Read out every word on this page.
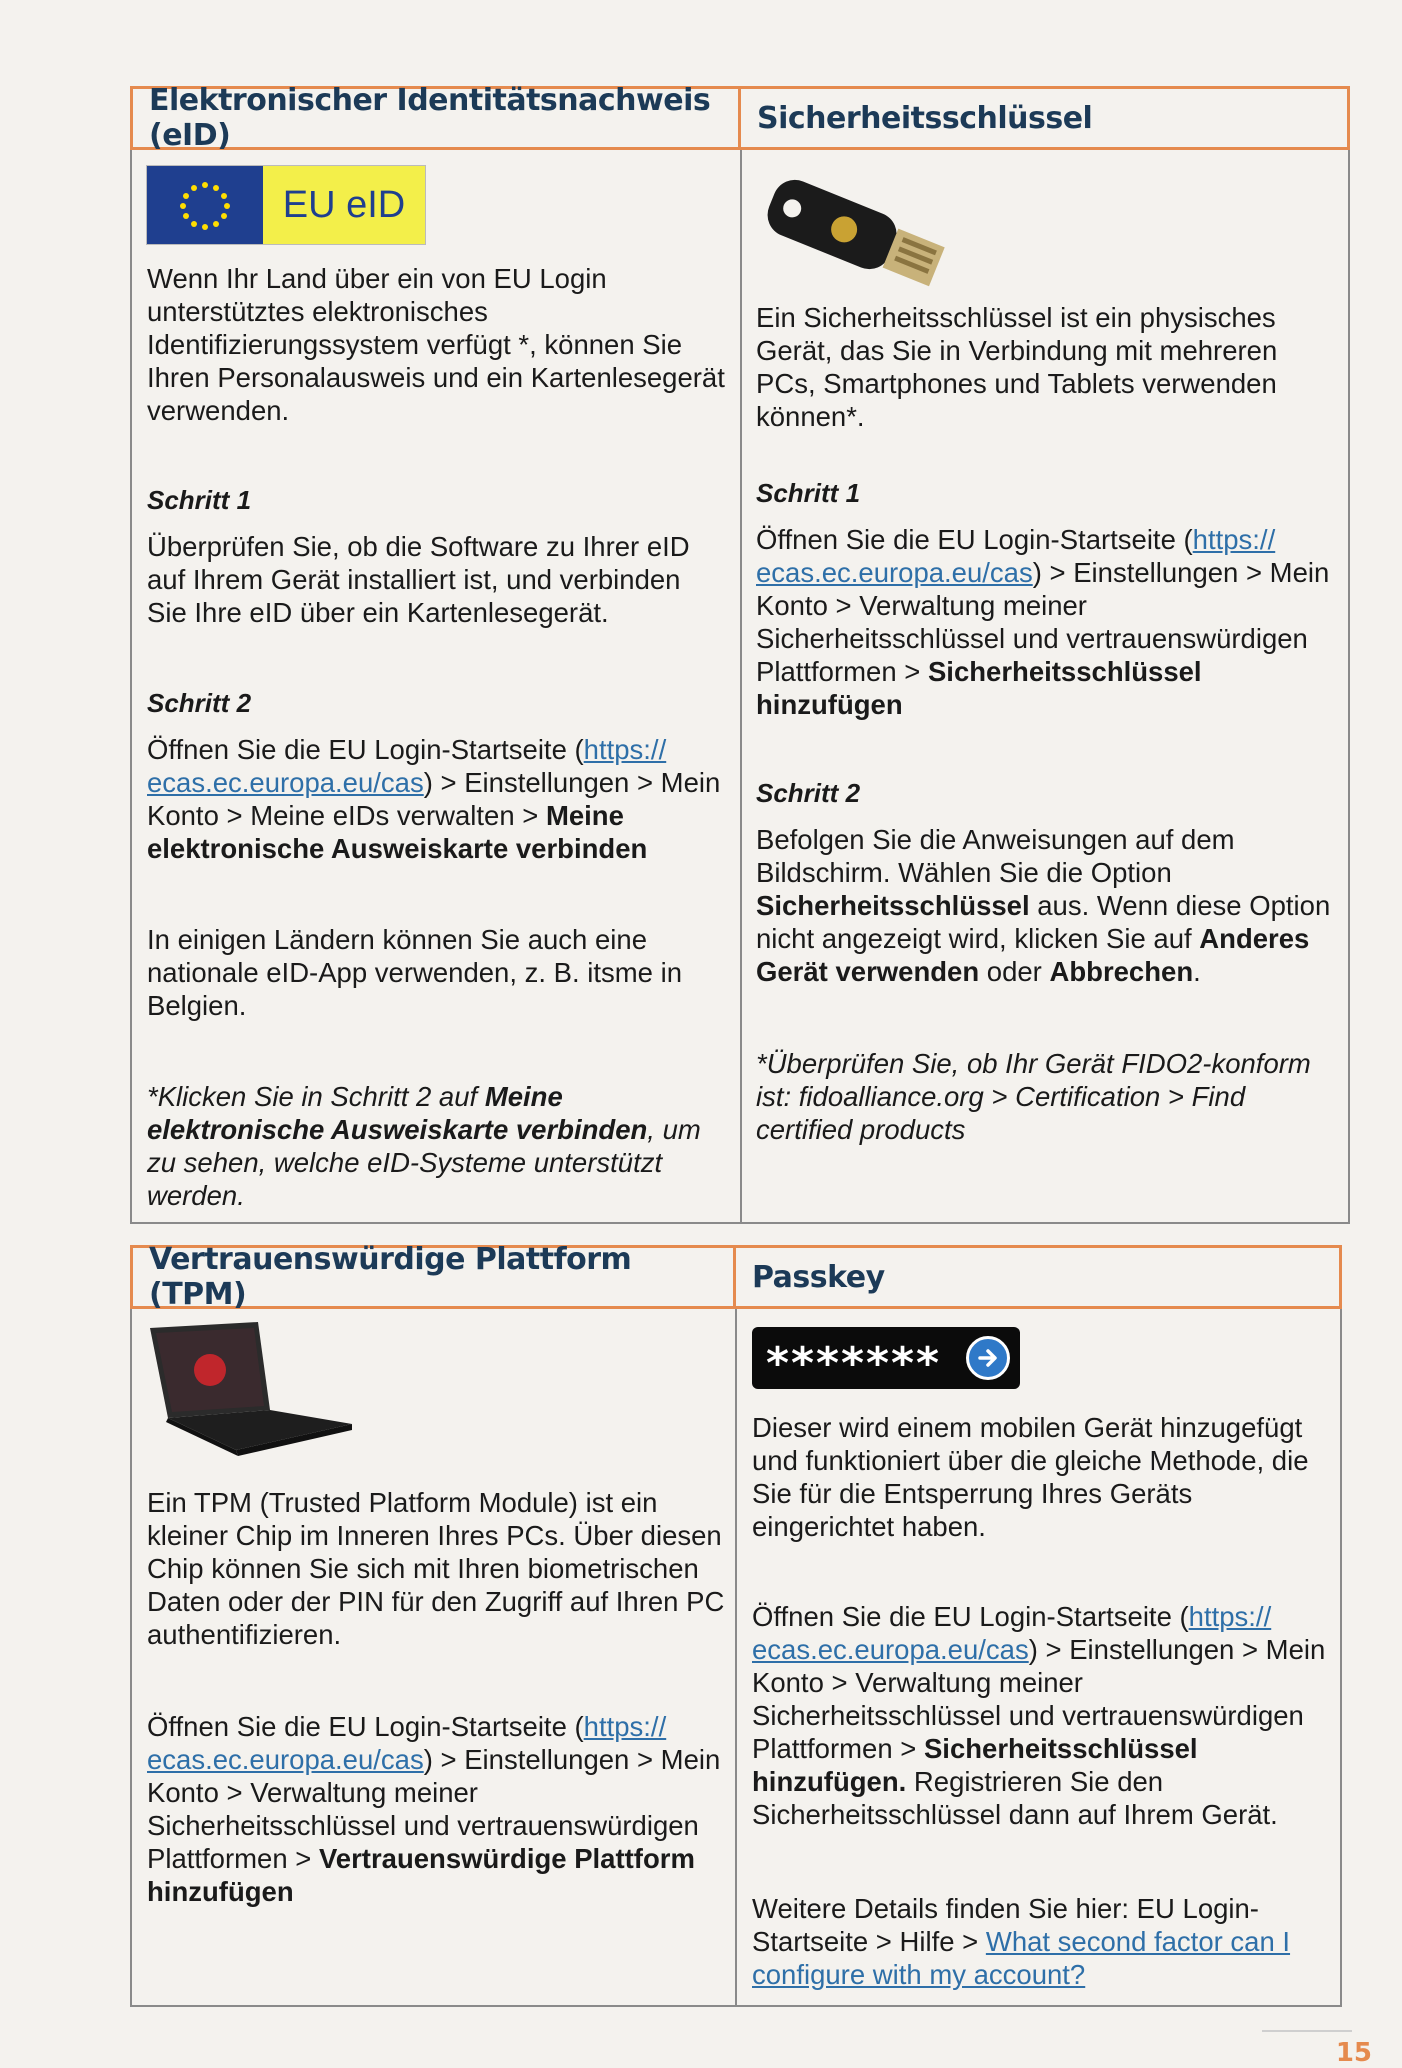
Elektronischer Identitätsnachweis (eID)	Sicherheitsschlüssel
EU eID

Wenn Ihr Land über ein von EU Login unterstütztes elektronisches Identifizierungssystem verfügt *, können Sie Ihren Personalausweis und ein Kartenlesegerät verwenden.

Schritt 1

Überprüfen Sie, ob die Software zu Ihrer eID auf Ihrem Gerät installiert ist, und verbinden Sie Ihre eID über ein Kartenlesegerät.

Schritt 2

Öffnen Sie die EU Login-Startseite (https://
ecas.ec.europa.eu/cas) > Einstellungen > Mein Konto > Meine eIDs verwalten > Meine elektronische Ausweiskarte verbinden

In einigen Ländern können Sie auch eine nationale eID-App verwenden, z. B. itsme in Belgien.

*Klicken Sie in Schritt 2 auf Meine elektronische Ausweiskarte verbinden, um zu sehen, welche eID-Systeme unterstützt werden.

Ein Sicherheitsschlüssel ist ein physisches Gerät, das Sie in Verbindung mit mehreren PCs, Smartphones und Tablets verwenden können*.

Schritt 1

Öffnen Sie die EU Login-Startseite (https://
ecas.ec.europa.eu/cas) > Einstellungen > Mein Konto > Verwaltung meiner Sicherheitsschlüssel und vertrauenswürdigen Plattformen > Sicherheitsschlüssel hinzufügen

Schritt 2

Befolgen Sie die Anweisungen auf dem Bildschirm. Wählen Sie die Option Sicherheitsschlüssel aus. Wenn diese Option nicht angezeigt wird, klicken Sie auf Anderes Gerät verwenden oder Abbrechen.

*Überprüfen Sie, ob Ihr Gerät FIDO2-konform ist: fidoalliance.org > Certification > Find certified products

Vertrauenswürdige Plattform (TPM)	Passkey

Ein TPM (Trusted Platform Module) ist ein kleiner Chip im Inneren Ihres PCs. Über diesen Chip können Sie sich mit Ihren biometrischen Daten oder der PIN für den Zugriff auf Ihren PC authentifizieren.

Öffnen Sie die EU Login-Startseite (https://
ecas.ec.europa.eu/cas) > Einstellungen > Mein Konto > Verwaltung meiner Sicherheitsschlüssel und vertrauenswürdigen Plattformen > Vertrauenswürdige Plattform hinzufügen

*******

Dieser wird einem mobilen Gerät hinzugefügt und funktioniert über die gleiche Methode, die Sie für die Entsperrung Ihres Geräts eingerichtet haben.

Öffnen Sie die EU Login-Startseite (https://
ecas.ec.europa.eu/cas) > Einstellungen > Mein Konto > Verwaltung meiner Sicherheitsschlüssel und vertrauenswürdigen Plattformen > Sicherheitsschlüssel hinzufügen. Registrieren Sie den Sicherheitsschlüssel dann auf Ihrem Gerät.

Weitere Details finden Sie hier: EU Login-Startseite > Hilfe > What second factor can I configure with my account?

15
